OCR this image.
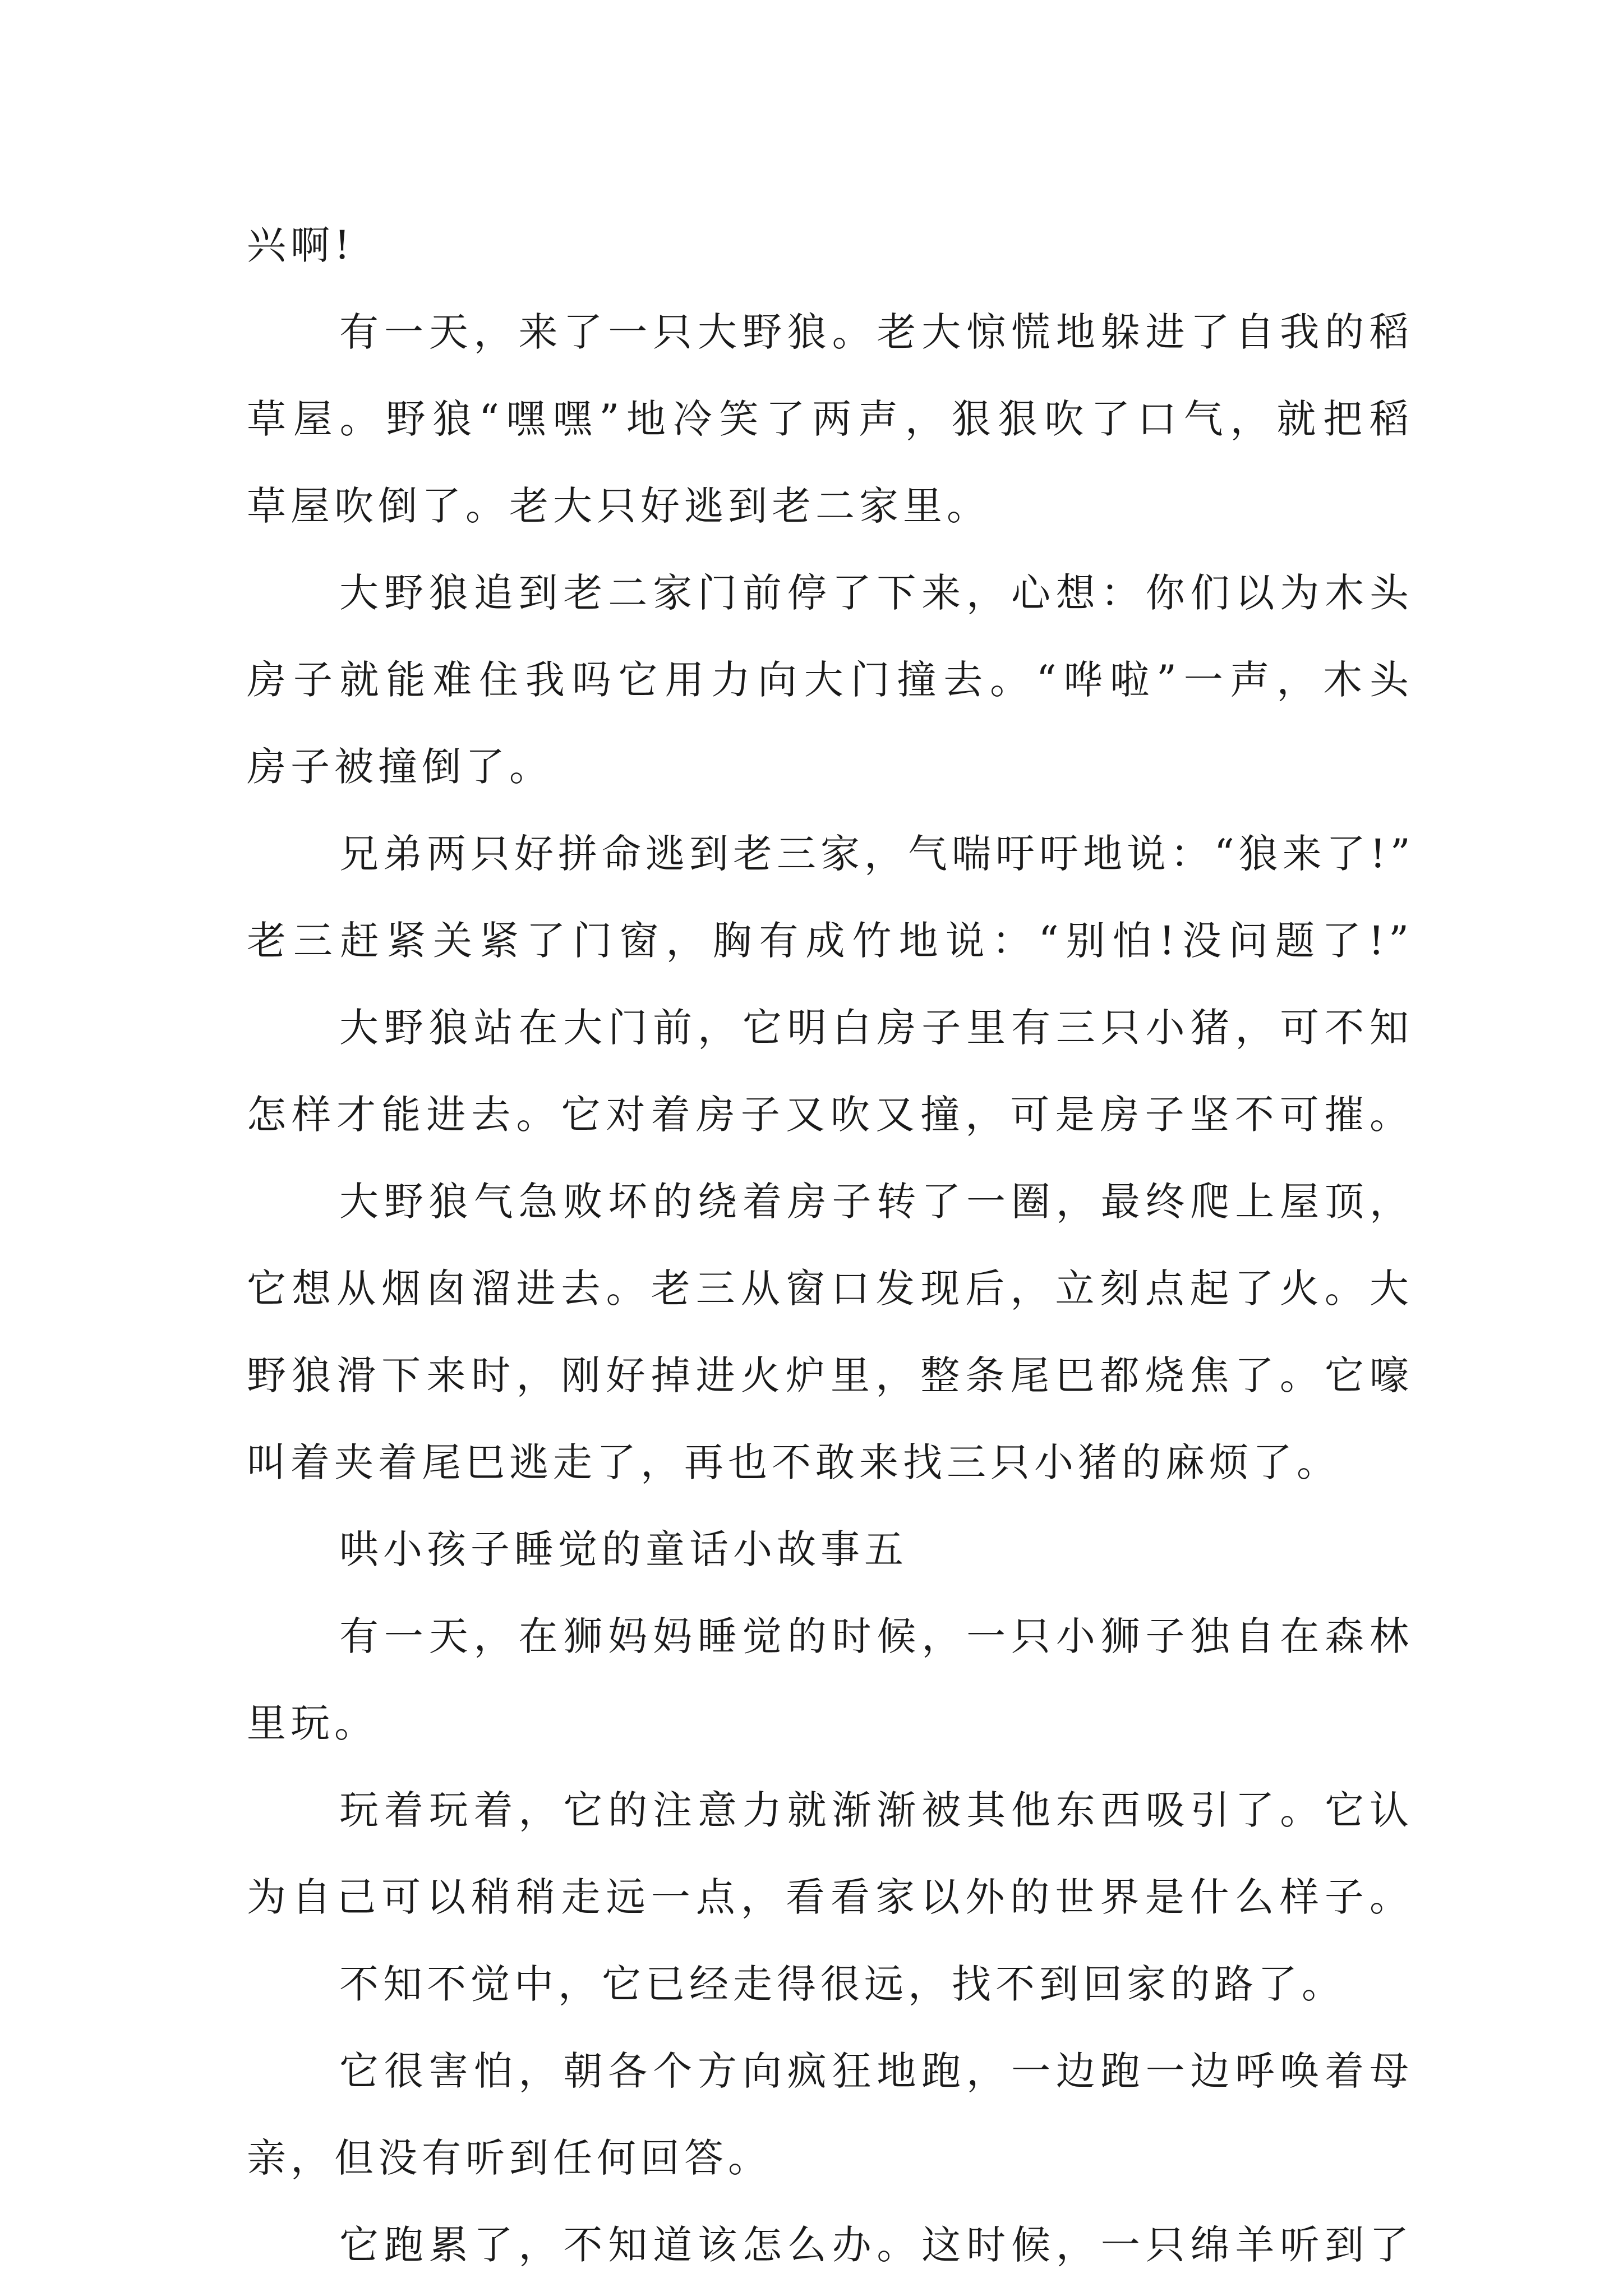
兴啊!
有一天，来了一只大野狼。老大惊慌地躲进了自我的稻
草屋。野狼“嘿嘿”地冷笑了两声，狠狠吹了口气，就把稻
草屋吹倒了。老大只好逃到老二家里。
大野狼追到老二家门前停了下来，心想：你们以为木头
房子就能难住我吗它用力向大门撞去。“哗啦”一声，木头
房子被撞倒了。
兄弟两只好拼命逃到老三家，气喘吁吁地说：“狼来了!”
老三赶紧关紧了门窗，胸有成竹地说：“别怕!没问题了!”
大野狼站在大门前，它明白房子里有三只小猪，可不知
怎样才能进去。它对着房子又吹又撞，可是房子坚不可摧。
大野狼气急败坏的绕着房子转了一圈，最终爬上屋顶，
它想从烟囱溜进去。老三从窗口发现后，立刻点起了火。大
野狼滑下来时，刚好掉进火炉里，整条尾巴都烧焦了。它嚎
叫着夹着尾巴逃走了，再也不敢来找三只小猪的麻烦了。
哄小孩子睡觉的童话小故事五
有一天，在狮妈妈睡觉的时候，一只小狮子独自在森林
里玩。
玩着玩着，它的注意力就渐渐被其他东西吸引了。它认
为自己可以稍稍走远一点，看看家以外的世界是什么样子。
不知不觉中，它已经走得很远，找不到回家的路了。
它很害怕，朝各个方向疯狂地跑，一边跑一边呼唤着母
亲，但没有听到任何回答。
它跑累了，不知道该怎么办。这时候，一只绵羊听到了
